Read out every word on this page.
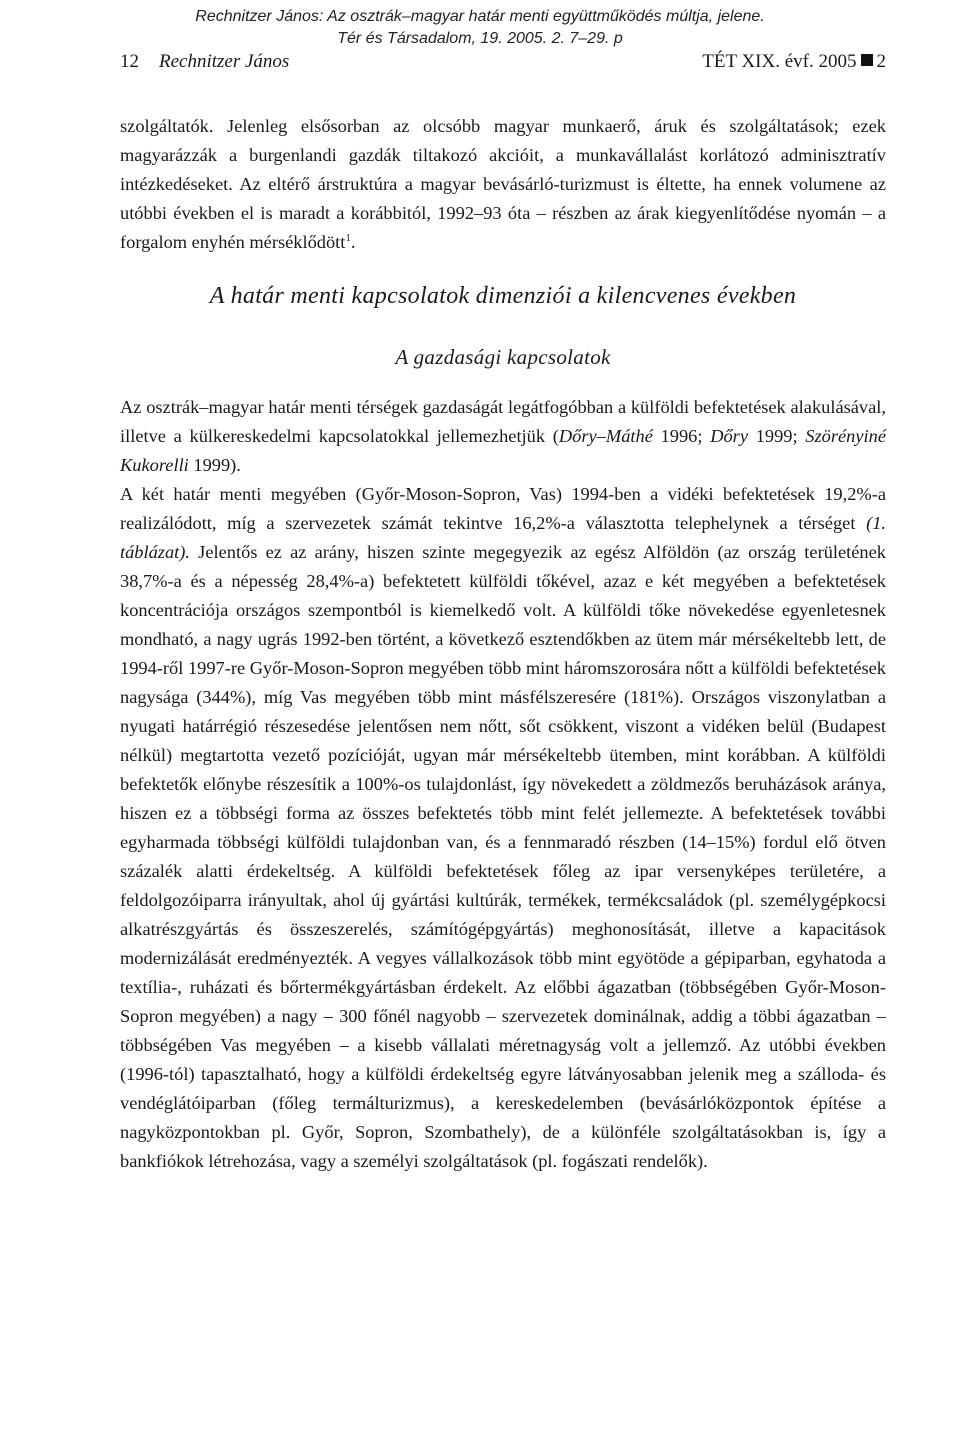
Rechnitzer János: Az osztrák–magyar határ menti együttműködés múltja, jelene.
Tér és Társadalom, 19. 2005. 2. 7–29. p
12 Rechnitzer János	TÉT XIX. évf. 2005 2

szolgáltatók. Jelenleg elsősorban az olcsóbb magyar munkaerő, áruk és szolgáltatások; ezek magyarázzák a burgenlandi gazdák tiltakozó akcióit, a munkavállalást korlátozó adminisztratív intézkedéseket. Az eltérő árstruktúra a magyar bevásárló-turizmust is éltette, ha ennek volumene az utóbbi években el is maradt a korábbitól, 1992–93 óta – részben az árak kiegyenlítődése nyomán – a forgalom enyhén mérséklődött$^1$.

A határ menti kapcsolatok dimenziói a kilencvenes években
A gazdasági kapcsolatok

Az osztrák–magyar határ menti térségek gazdaságát legátfogóbban a külföldi befektetések alakulásával, illetve a külkereskedelmi kapcsolatokkal jellemezhetjük (Dőry–Máthé 1996; Dőry 1999; Szörényiné Kukorelli 1999).

A két határ menti megyében (Győr-Moson-Sopron, Vas) 1994-ben a vidéki befektetések 19,2%-a realizálódott, míg a szervezetek számát tekintve 16,2%-a választotta telephelynek a térséget (1. táblázat). Jelentős ez az arány, hiszen szinte megegyezik az egész Alföldön (az ország területének 38,7%-a és a népesség 28,4%-a) befektetett külföldi tőkével, azaz e két megyében a befektetések koncentrációja országos szempontból is kiemelkedő volt. A külföldi tőke növekedése egyenletesnek mondható, a nagy ugrás 1992-ben történt, a következő esztendőkben az ütem már mérsékeltebb lett, de 1994-ről 1997-re Győr-Moson-Sopron megyében több mint háromszorosára nőtt a külföldi befektetések nagysága (344%), míg Vas megyében több mint másfélszeresére (181%). Országos viszonylatban a nyugati határrégió részesedése jelentősen nem nőtt, sőt csökkent, viszont a vidéken belül (Budapest nélkül) megtartotta vezető pozícióját, ugyan már mérsékeltebb ütemben, mint korábban. A külföldi befektetők előnybe részesítik a 100%-os tulajdonlást, így növekedett a zöldmezős beruházások aránya, hiszen ez a többségi forma az összes befektetés több mint felét jellemezte. A befektetések további egyharmada többségi külföldi tulajdonban van, és a fennmaradó részben (14–15%) fordul elő ötven százalék alatti érdekeltség. A külföldi befektetések főleg az ipar versenyképes területére, a feldolgozóiparra irányultak, ahol új gyártási kultúrák, termékek, termékcsaládok (pl. személygépkocsi alkatrészgyártás és összeszerelés, számítógépgyártás) meghonosítását, illetve a kapacitások modernizálását eredményezték. A vegyes vállalkozások több mint egyötöde a gépiparban, egyhatoda a textília-, ruházati és bőrtermékgyártásban érdekelt. Az előbbi ágazatban (többségében Győr-Moson-Sopron megyében) a nagy – 300 főnél nagyobb – szervezetek dominálnak, addig a többi ágazatban – többségében Vas megyében – a kisebb vállalati méretnagyság volt a jellemző. Az utóbbi években (1996-tól) tapasztalható, hogy a külföldi érdekeltség egyre látványosabban jelenik meg a szálloda- és vendéglátóiparban (főleg termálturizmus), a kereskedelemben (bevásárlóközpontok építése a nagyközpontokban pl. Győr, Sopron, Szombathely), de a különféle szolgáltatásokban is, így a bankfiókok létrehozása, vagy a személyi szolgáltatások (pl. fogászati rendelők).
